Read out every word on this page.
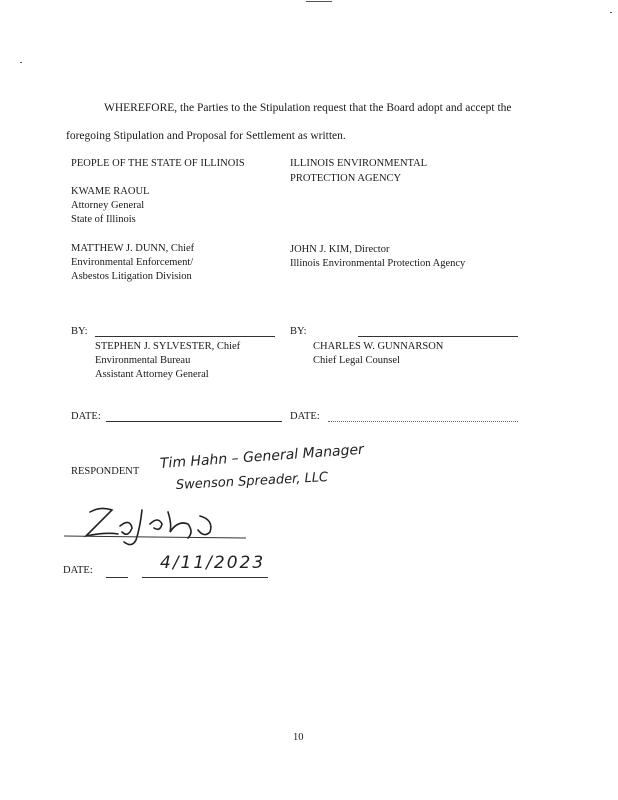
WHEREFORE, the Parties to the Stipulation request that the Board adopt and accept the
foregoing Stipulation and Proposal for Settlement as written.
PEOPLE OF THE STATE OF ILLINOIS
KWAME RAOUL
Attorney General
State of Illinois
MATTHEW J. DUNN, Chief
Environmental Enforcement/
Asbestos Litigation Division
BY:
STEPHEN J. SYLVESTER, Chief
Environmental Bureau
Assistant Attorney General
DATE:
ILLINOIS ENVIRONMENTAL
PROTECTION AGENCY
JOHN J. KIM, Director
Illinois Environmental Protection Agency
BY:
CHARLES W. GUNNARSON
Chief Legal Counsel
DATE:
RESPONDENT Tim Hahn – General Manager
Swenson Spreader, LLC
DATE:	4/11/2023
10
